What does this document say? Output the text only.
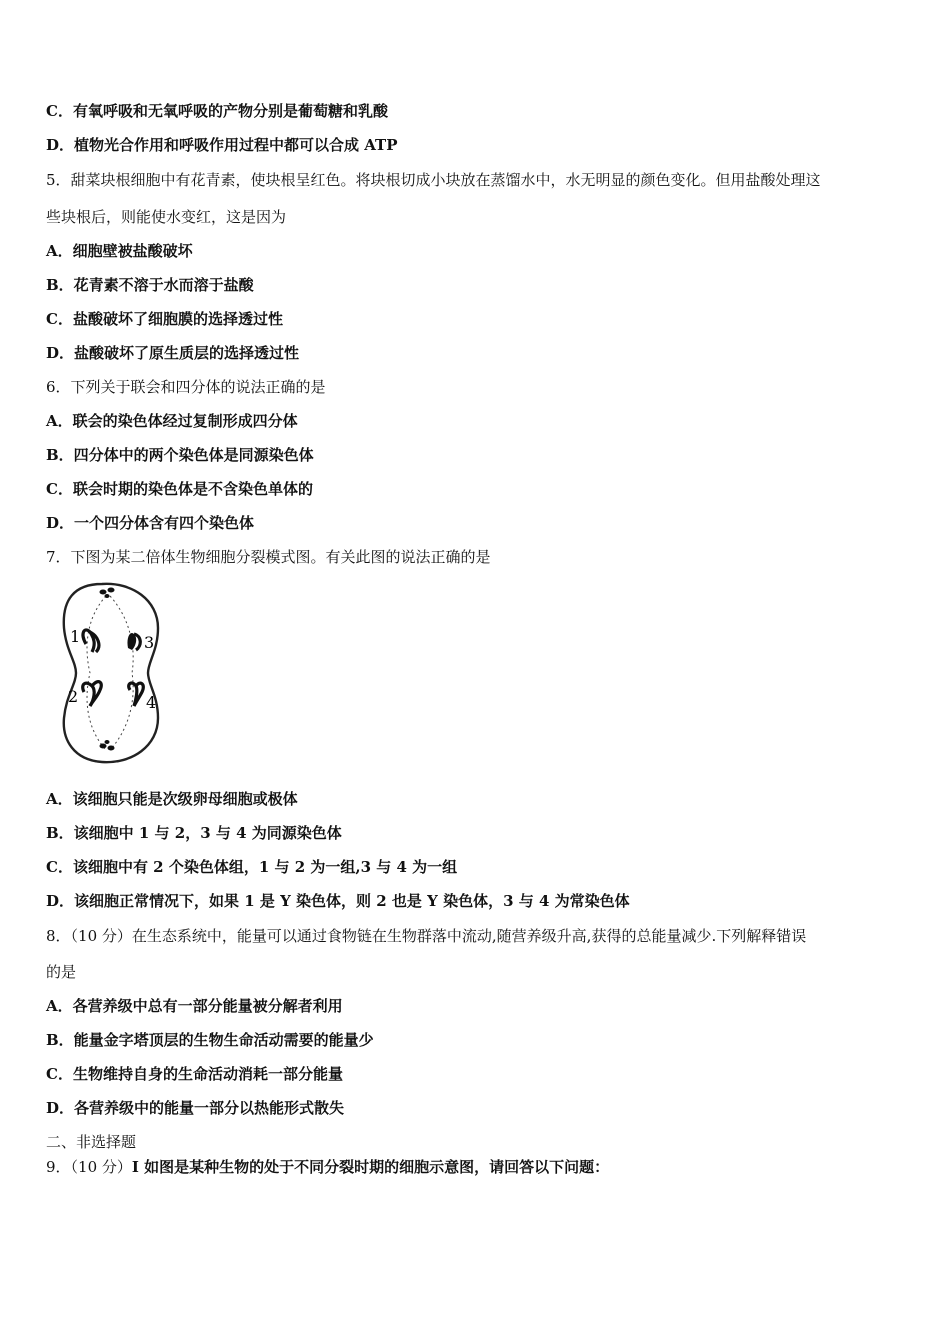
C．有氧呼吸和无氧呼吸的产物分别是葡萄糖和乳酸
D．植物光合作用和呼吸作用过程中都可以合成 ATP
5．甜菜块根细胞中有花青素，使块根呈红色。将块根切成小块放在蒸馏水中，水无明显的颜色变化。但用盐酸处理这
些块根后，则能使水变红，这是因为
A．细胞壁被盐酸破坏
B．花青素不溶于水而溶于盐酸
C．盐酸破坏了细胞膜的选择透过性
D．盐酸破坏了原生质层的选择透过性
6．下列关于联会和四分体的说法正确的是
A．联会的染色体经过复制形成四分体
B．四分体中的两个染色体是同源染色体
C．联会时期的染色体是不含染色单体的
D．一个四分体含有四个染色体
7．下图为某二倍体生物细胞分裂模式图。有关此图的说法正确的是
1	3
2	4
A．该细胞只能是次级卵母细胞或极体
B．该细胞中 1 与 2，3 与 4 为同源染色体
C．该细胞中有 2 个染色体组，1 与 2 为一组,3 与 4 为一组
D．该细胞正常情况下，如果 1 是 Y 染色体，则 2 也是 Y 染色体，3 与 4 为常染色体
8．（10 分）在生态系统中，能量可以通过食物链在生物群落中流动,随营养级升高,获得的总能量减少.下列解释错误
的是
A．各营养级中总有一部分能量被分解者利用
B．能量金字塔顶层的生物生命活动需要的能量少
C．生物维持自身的生命活动消耗一部分能量
D．各营养级中的能量一部分以热能形式散失
二、非选择题
9．（10 分）I 如图是某种生物的处于不同分裂时期的细胞示意图，请回答以下问题：
